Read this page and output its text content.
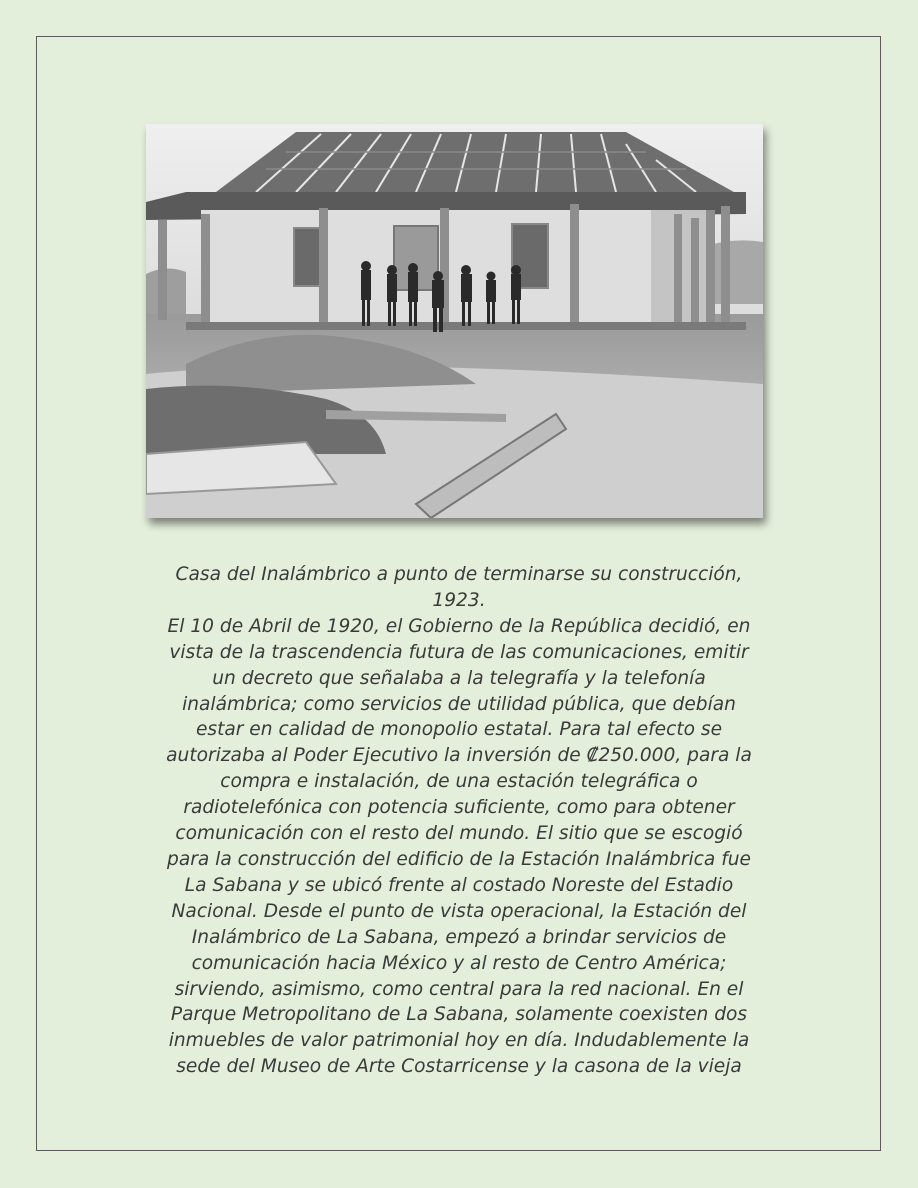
Casa del Inalámbrico a punto de terminarse su construcción,
1923.
El 10 de Abril de 1920, el Gobierno de la República decidió, en
vista de la trascendencia futura de las comunicaciones, emitir
un decreto que señalaba a la telegrafía y la telefonía
inalámbrica; como servicios de utilidad pública, que debían
estar en calidad de monopolio estatal. Para tal efecto se
autorizaba al Poder Ejecutivo la inversión de ₡250.000, para la
compra e instalación, de una estación telegráfica o
radiotelefónica con potencia suficiente, como para obtener
comunicación con el resto del mundo. El sitio que se escogió
para la construcción del edificio de la Estación Inalámbrica fue
La Sabana y se ubicó frente al costado Noreste del Estadio
Nacional. Desde el punto de vista operacional, la Estación del
Inalámbrico de La Sabana, empezó a brindar servicios de
comunicación hacia México y al resto de Centro América;
sirviendo, asimismo, como central para la red nacional. En el
Parque Metropolitano de La Sabana, solamente coexisten dos
inmuebles de valor patrimonial hoy en día. Indudablemente la
sede del Museo de Arte Costarricense y la casona de la vieja
